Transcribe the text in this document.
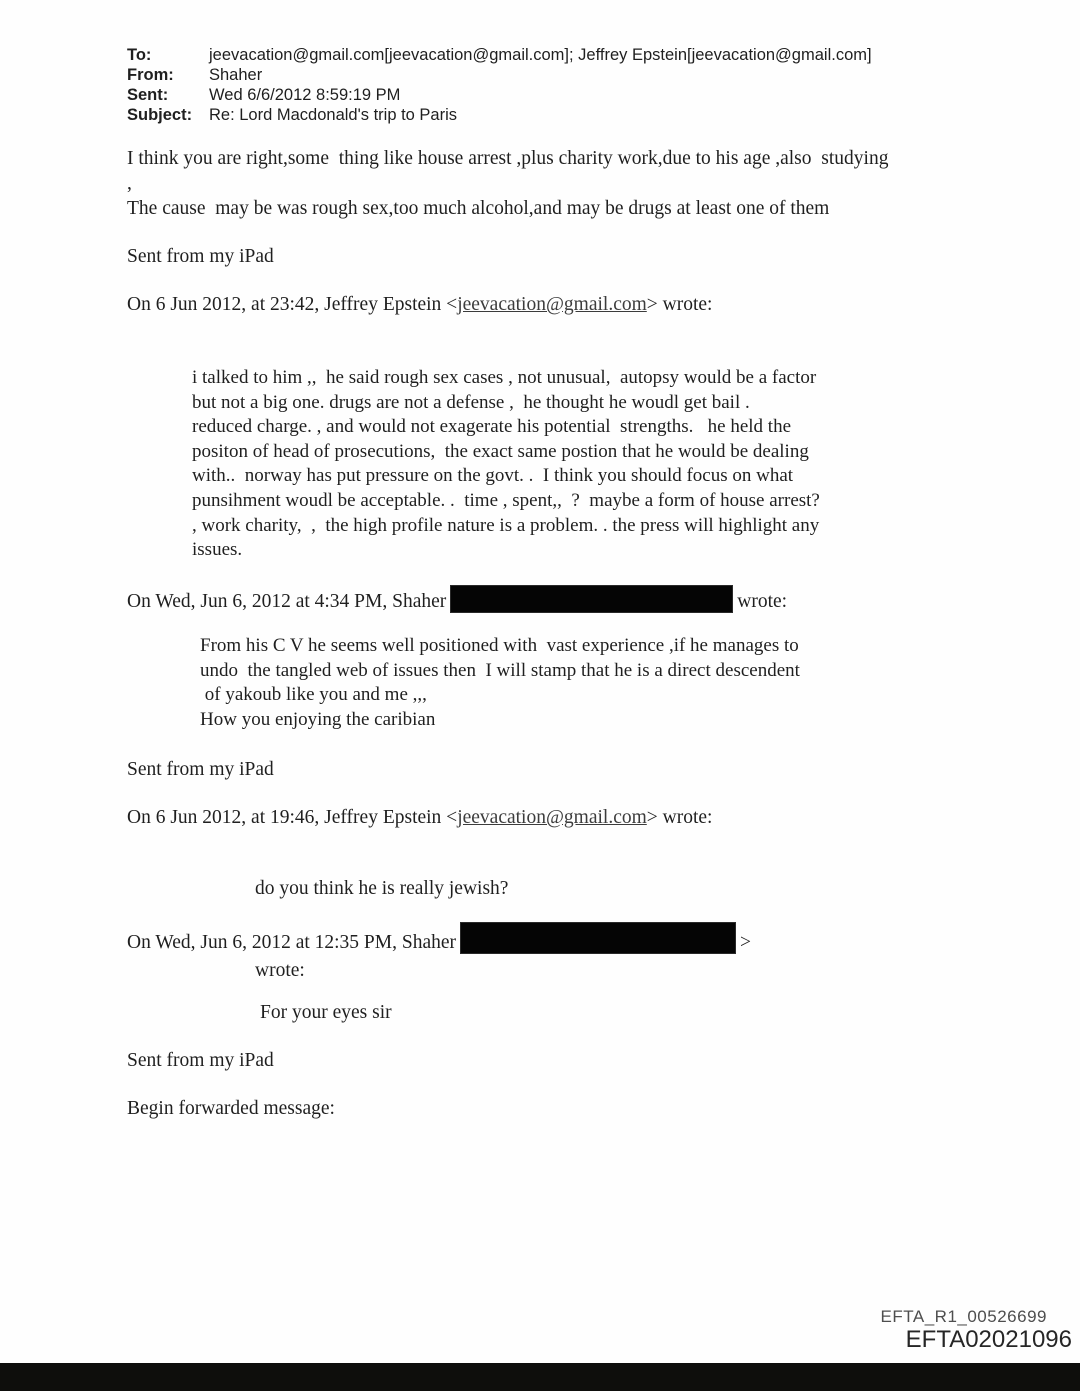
To:	jeevacation@gmail.com[jeevacation@gmail.com]; Jeffrey Epstein[jeevacation@gmail.com]
From:	Shaher
Sent:	Wed 6/6/2012 8:59:19 PM
Subject:	Re: Lord Macdonald's trip to Paris
I think you are right,some  thing like house arrest ,plus charity work,due to his age ,also  studying
,
The cause  may be was rough sex,too much alcohol,and may be drugs at least one of them
Sent from my iPad
On 6 Jun 2012, at 23:42, Jeffrey Epstein <jeevacation@gmail.com> wrote:
i talked to him ,,  he said rough sex cases , not unusual,  autopsy would be a factor
but not a big one. drugs are not a defense ,  he thought he woudl get bail .
reduced charge. , and would not exagerate his potential  strengths.   he held the
positon of head of prosecutions,  the exact same postion that he would be dealing
with..  norway has put pressure on the govt. .  I think you should focus on what
punsihment woudl be acceptable. .  time , spent,,  ?  maybe a form of house arrest?
, work charity,  ,  the high profile nature is a problem. . the press will highlight any
issues.
On Wed, Jun 6, 2012 at 4:34 PM, Shaher	wrote:
From his C V he seems well positioned with  vast experience ,if he manages to
undo  the tangled web of issues then  I will stamp that he is a direct descendent
of yakoub like you and me ,,,
How you enjoying the caribian
Sent from my iPad
On 6 Jun 2012, at 19:46, Jeffrey Epstein <jeevacation@gmail.com> wrote:
do you think he is really jewish?
On Wed, Jun 6, 2012 at 12:35 PM, Shaher	>
wrote:
For your eyes sir
Sent from my iPad
Begin forwarded message:
EFTA_R1_00526699
EFTA02021096
